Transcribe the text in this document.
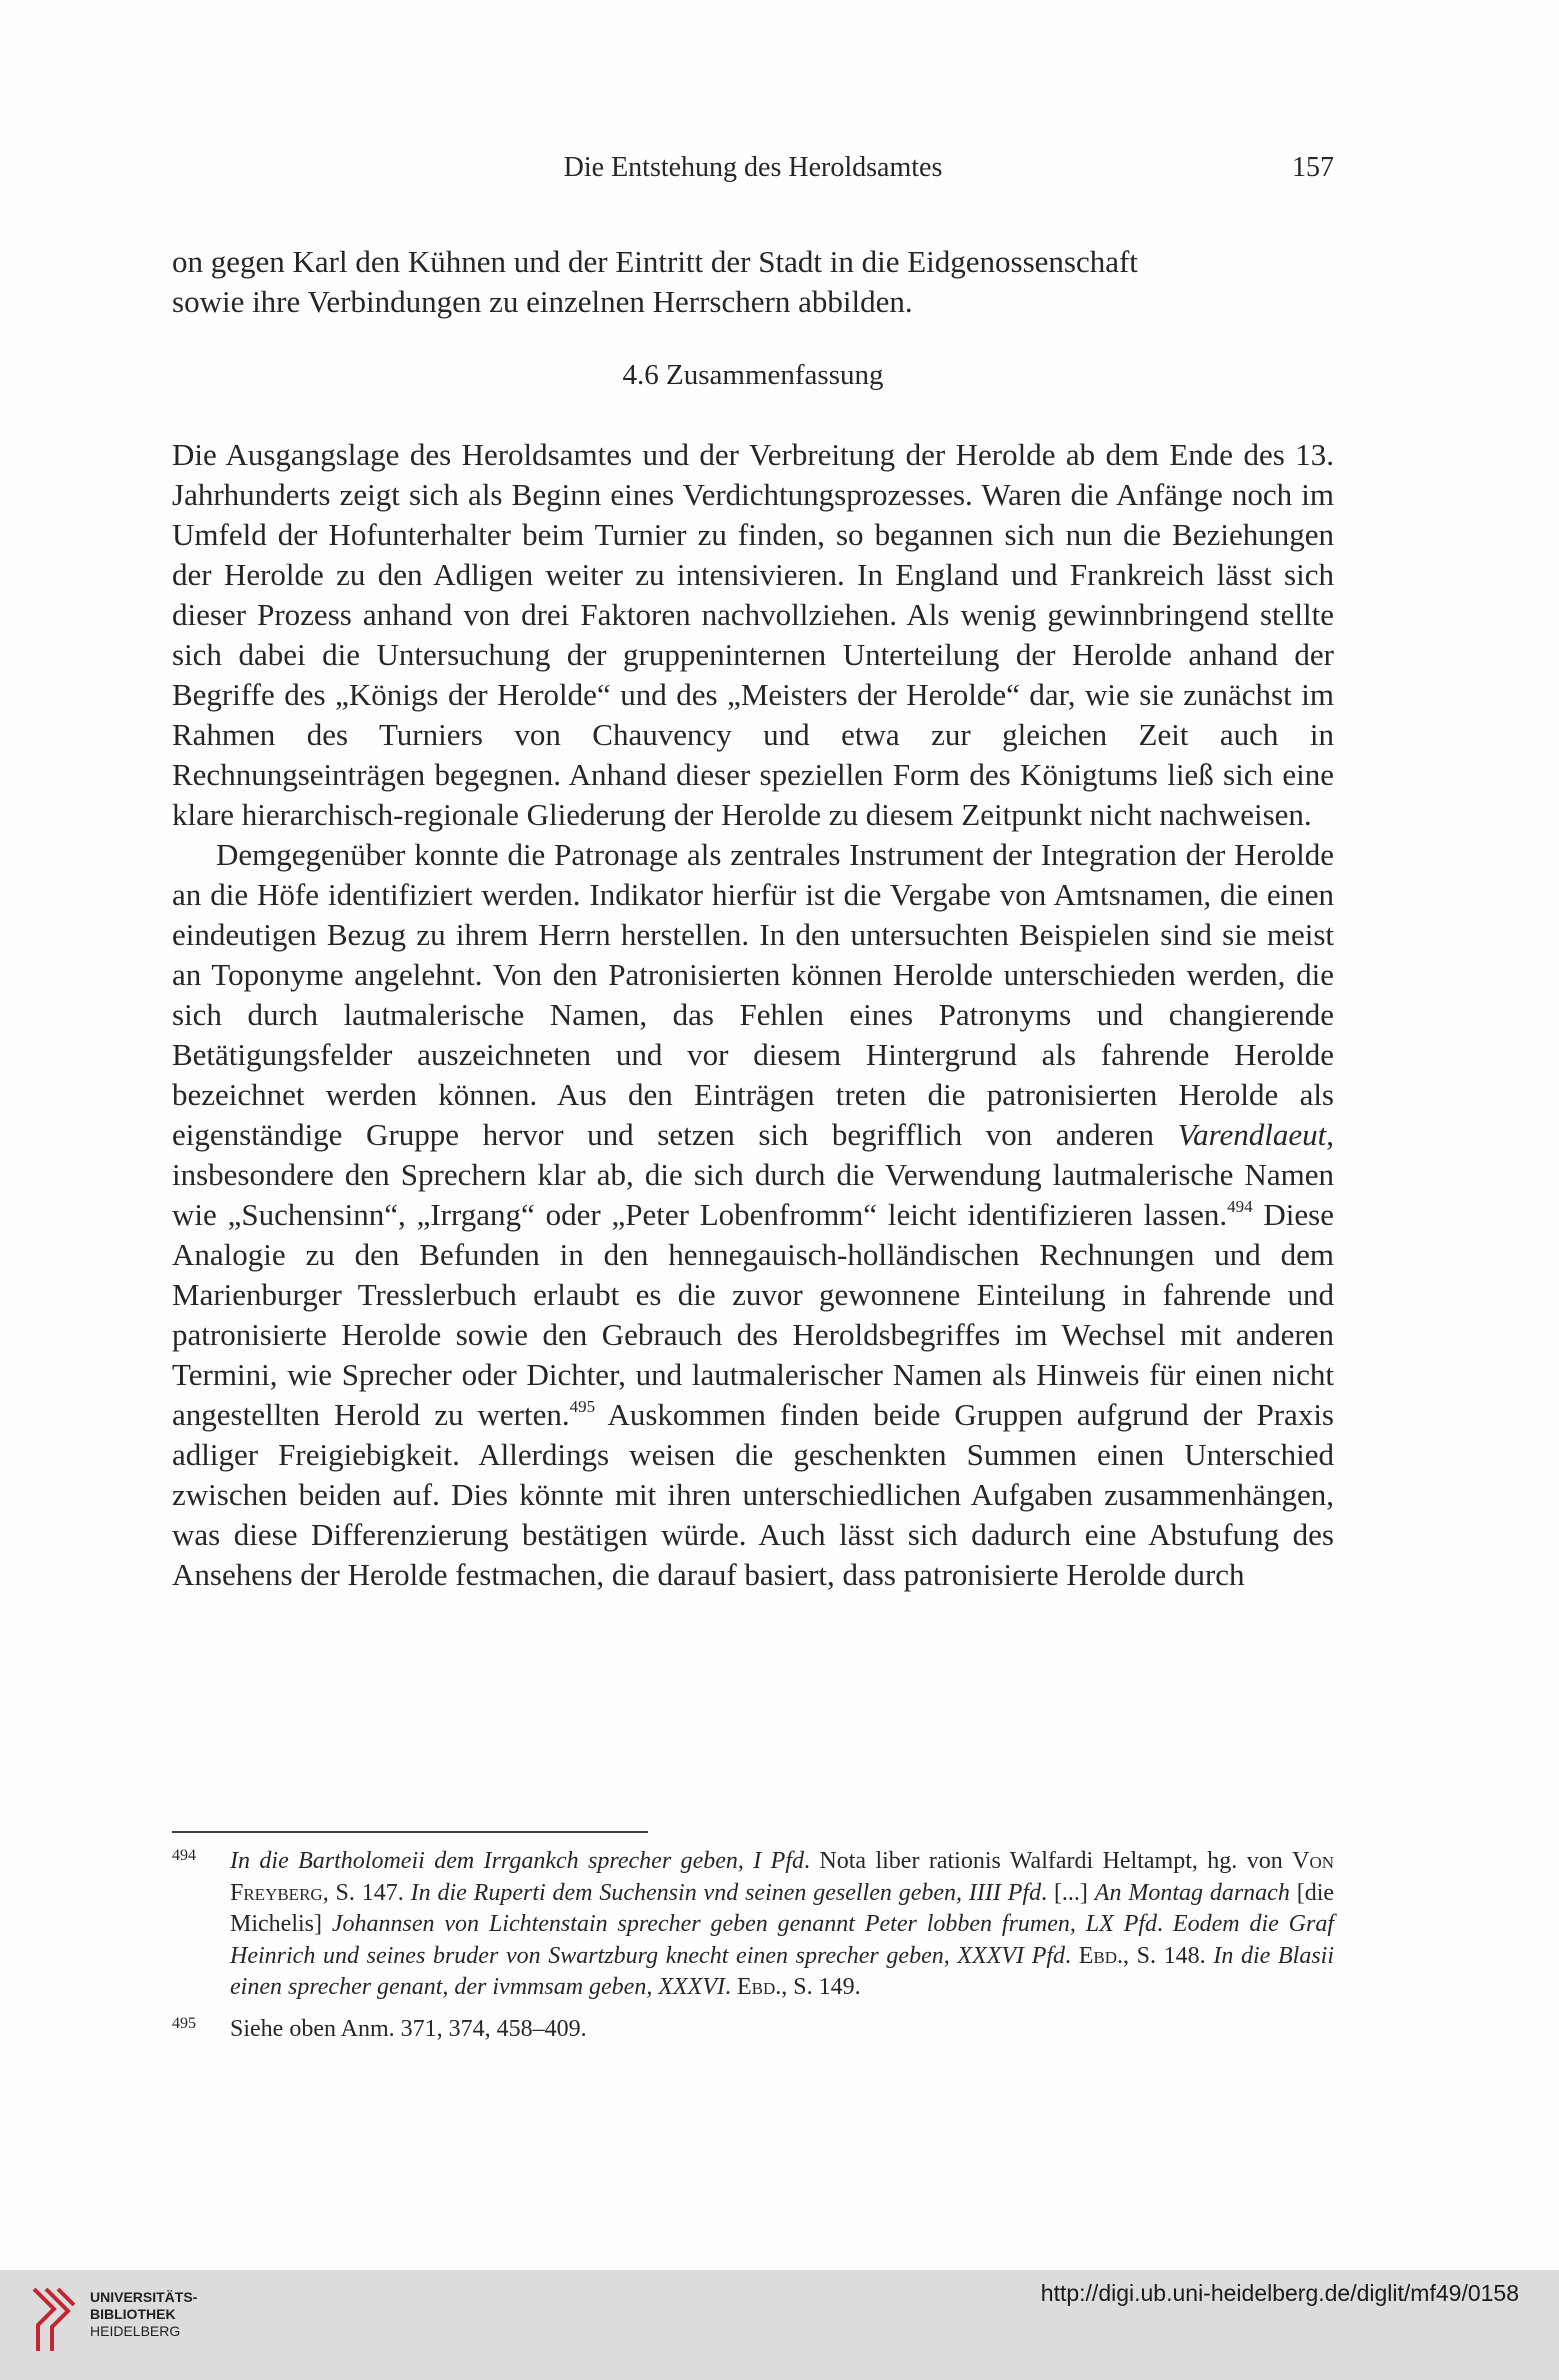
Die Entstehung des Heroldsamtes	157

on gegen Karl den Kühnen und der Eintritt der Stadt in die Eidgenossenschaft

sowie ihre Verbindungen zu einzelnen Herrschern abbilden.

4.6 Zusammenfassung

Die Ausgangslage des Heroldsamtes und der Verbreitung der Herolde ab dem Ende des 13. Jahrhunderts zeigt sich als Beginn eines Verdichtungsprozesses. Waren die Anfänge noch im Umfeld der Hofunterhalter beim Turnier zu finden, so begannen sich nun die Beziehungen der Herolde zu den Adligen weiter zu intensivieren. In England und Frankreich lässt sich dieser Prozess anhand von drei Faktoren nachvollziehen. Als wenig gewinnbringend stellte sich dabei die Untersuchung der gruppeninternen Unterteilung der Herolde anhand der Begriffe des „Königs der Herolde“ und des „Meisters der Herolde“ dar, wie sie zunächst im Rahmen des Turniers von Chauvency und etwa zur gleichen Zeit auch in Rechnungseinträgen begegnen. Anhand dieser speziellen Form des Königtums ließ sich eine klare hierarchisch-regionale Gliederung der Herolde zu diesem Zeitpunkt nicht nachweisen.

Demgegenüber konnte die Patronage als zentrales Instrument der Integration der Herolde an die Höfe identifiziert werden. Indikator hierfür ist die Vergabe von Amtsnamen, die einen eindeutigen Bezug zu ihrem Herrn herstellen. In den untersuchten Beispielen sind sie meist an Toponyme angelehnt. Von den Patronisierten können Herolde unterschieden werden, die sich durch lautmalerische Namen, das Fehlen eines Patronyms und changierende Betätigungsfelder auszeichneten und vor diesem Hintergrund als fahrende Herolde bezeichnet werden können. Aus den Einträgen treten die patronisierten Herolde als eigenständige Gruppe hervor und setzen sich begrifflich von anderen Varendlaeut, insbesondere den Sprechern klar ab, die sich durch die Verwendung lautmalerische Namen wie „Suchensinn“, „Irrgang“ oder „Peter Lobenfromm“ leicht identifizieren lassen.$^{494}$ Diese Analogie zu den Befunden in den hennegauisch-holländischen Rechnungen und dem Marienburger Tresslerbuch erlaubt es die zuvor gewonnene Einteilung in fahrende und patronisierte Herolde sowie den Gebrauch des Heroldsbegriffes im Wechsel mit anderen Termini, wie Sprecher oder Dichter, und lautmalerischer Namen als Hinweis für einen nicht angestellten Herold zu werten.$^{495}$ Auskommen finden beide Gruppen aufgrund der Praxis adliger Freigiebigkeit. Allerdings weisen die geschenkten Summen einen Unterschied zwischen beiden auf. Dies könnte mit ihren unterschiedlichen Aufgaben zusammenhängen, was diese Differenzierung bestätigen würde. Auch lässt sich dadurch eine Abstufung des Ansehens der Herolde festmachen, die darauf basiert, dass patronisierte Herolde durch

494 In die Bartholomeii dem Irrgankch sprecher geben, I Pfd. Nota liber rationis Walfardi Heltampt, hg. von Von Freyberg, S. 147. In die Ruperti dem Suchensin vnd seinen gesellen geben, IIII Pfd. [...] An Montag darnach [die Michelis] Johannsen von Lichtenstain sprecher geben genannt Peter lobben frumen, LX Pfd. Eodem die Graf Heinrich und seines bruder von Swartzburg knecht einen sprecher geben, XXXVI Pfd. Ebd., S. 148. In die Blasii einen sprecher genant, der ivmmsam geben, XXXVI. Ebd., S. 149.
495 Siehe oben Anm. 371, 374, 458–409.
UNIVERSITÄTS-
BIBLIOTHEK
HEIDELBERG
http://digi.ub.uni-heidelberg.de/diglit/mf49/0158
